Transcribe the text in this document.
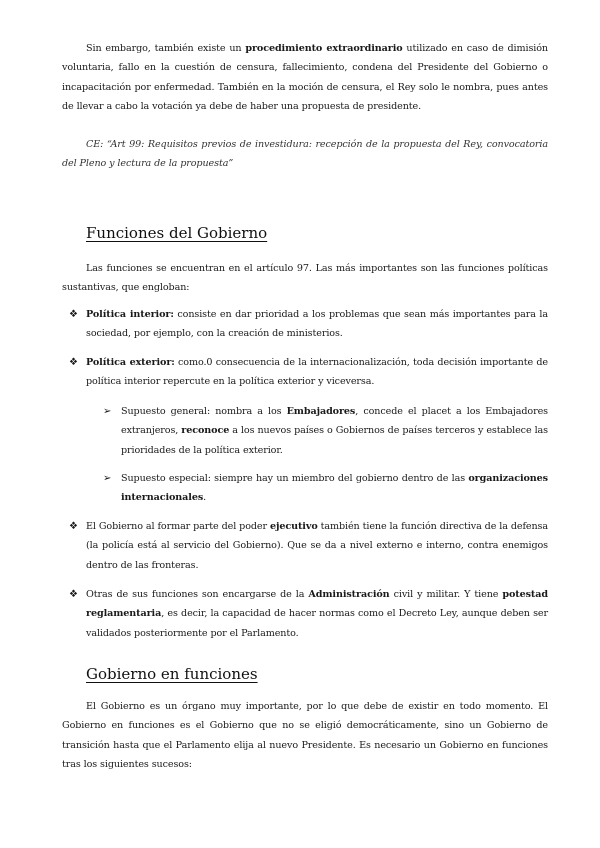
Sin embargo, también existe un procedimiento extraordinario utilizado en caso de dimisión voluntaria, fallo en la cuestión de censura, fallecimiento, condena del Presidente del Gobierno o incapacitación por enfermedad. También en la moción de censura, el Rey solo le nombra, pues antes de llevar a cabo la votación ya debe de haber una propuesta de presidente.
CE: “Art 99: Requisitos previos de investidura: recepción de la propuesta del Rey, convocatoria del Pleno y lectura de la propuesta”
Funciones del Gobierno
Las funciones se encuentran en el artículo 97. Las más importantes son las funciones políticas sustantivas, que engloban:
❖ Política interior: consiste en dar prioridad a los problemas que sean más importantes para la sociedad, por ejemplo, con la creación de ministerios.
❖ Política exterior: como.0 consecuencia de la internacionalización, toda decisión importante de política interior repercute en la política exterior y viceversa.
➢ Supuesto general: nombra a los Embajadores, concede el placet a los Embajadores extranjeros, reconoce a los nuevos países o Gobiernos de países terceros y establece las prioridades de la política exterior.
➢ Supuesto especial: siempre hay un miembro del gobierno dentro de las organizaciones internacionales.
❖ El Gobierno al formar parte del poder ejecutivo también tiene la función directiva de la defensa (la policía está al servicio del Gobierno). Que se da a nivel externo e interno, contra enemigos dentro de las fronteras.
❖ Otras de sus funciones son encargarse de la Administración civil y militar. Y tiene potestad reglamentaria, es decir, la capacidad de hacer normas como el Decreto Ley, aunque deben ser validados posteriormente por el Parlamento.
Gobierno en funciones
El Gobierno es un órgano muy importante, por lo que debe de existir en todo momento. El Gobierno en funciones es el Gobierno que no se eligió democráticamente, sino un Gobierno de transición hasta que el Parlamento elija al nuevo Presidente. Es necesario un Gobierno en funciones tras los siguientes sucesos:
